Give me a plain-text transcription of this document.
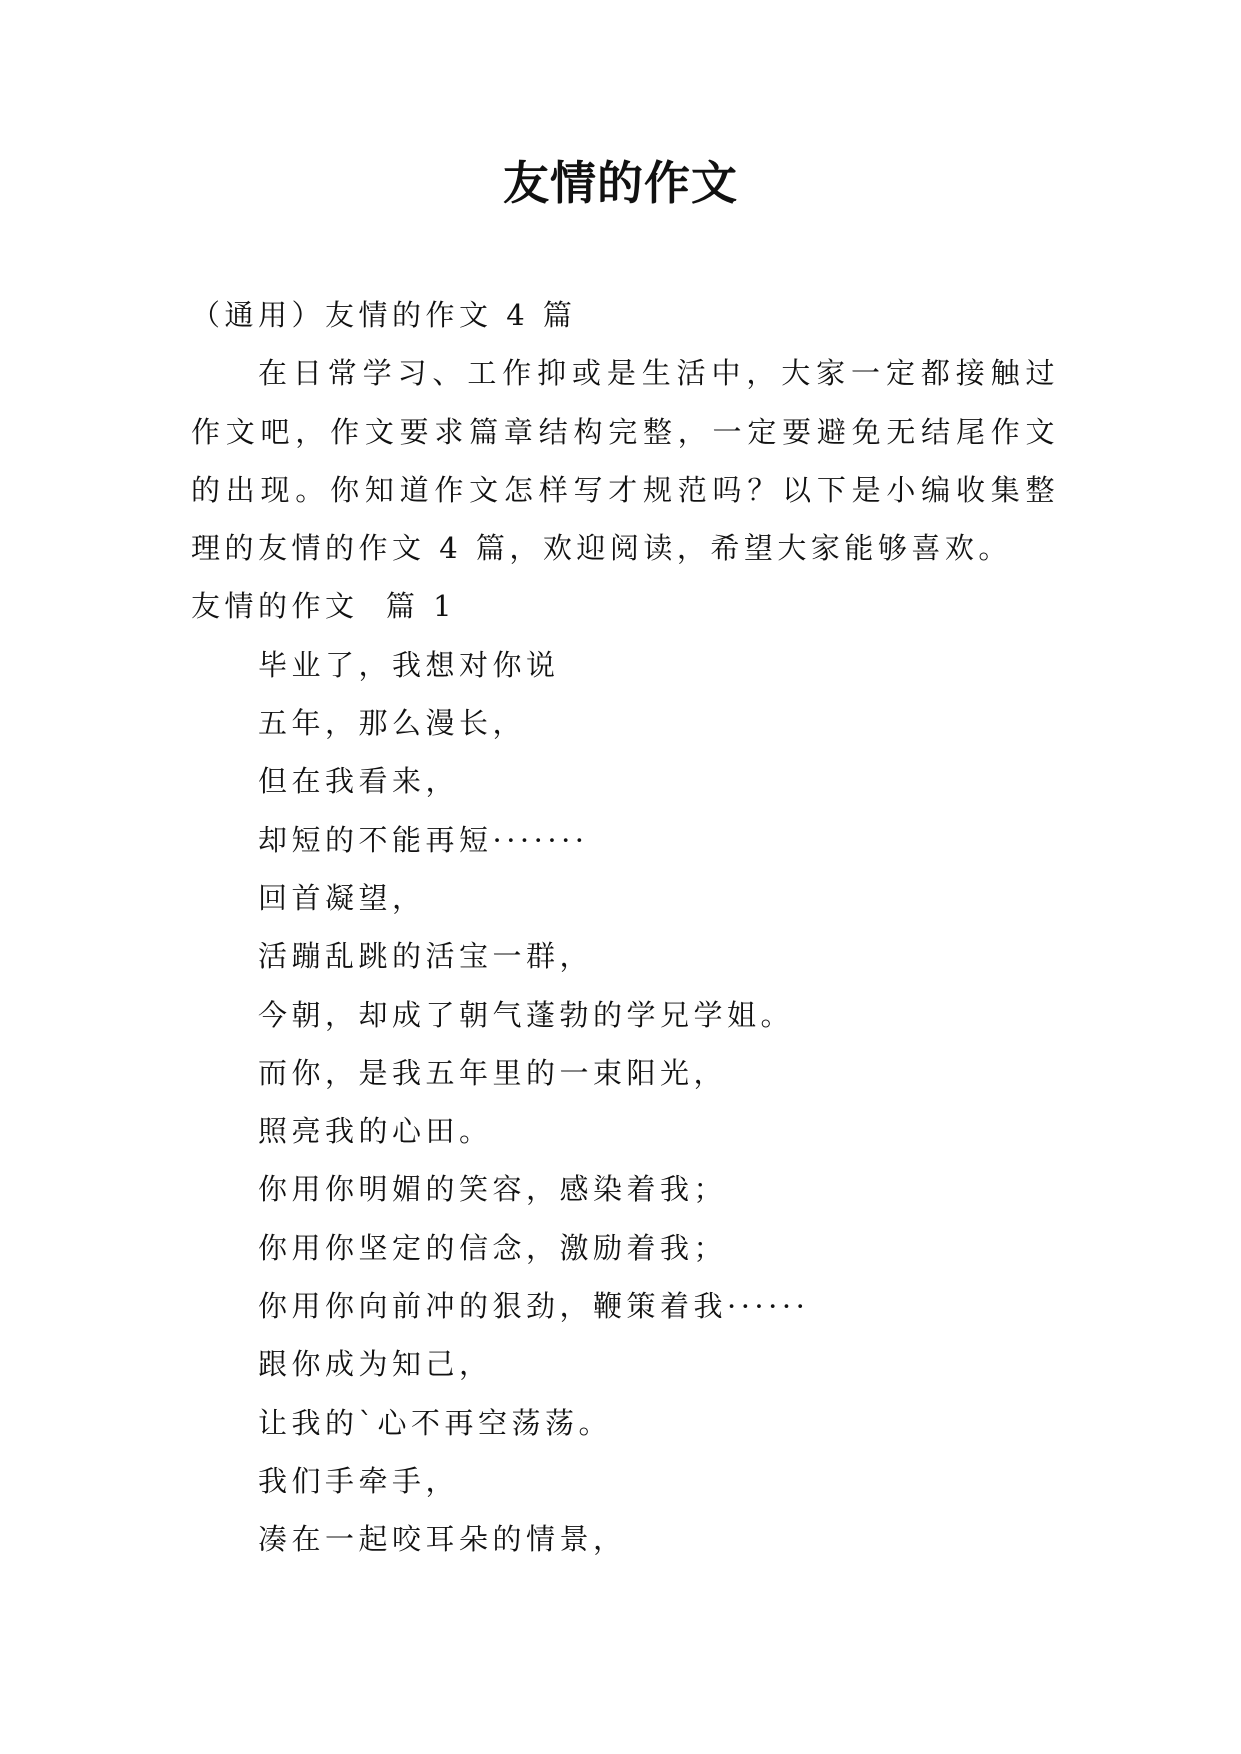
友情的作文

（通用）友情的作文 4 篇

在日常学习、工作抑或是生活中，大家一定都接触过作文吧，作文要求篇章结构完整，一定要避免无结尾作文的出现。你知道作文怎样写才规范吗？以下是小编收集整理的友情的作文 4 篇，欢迎阅读，希望大家能够喜欢。

友情的作文  篇 1

毕业了，我想对你说

五年，那么漫长，

但在我看来，

却短的不能再短·······

回首凝望，

活蹦乱跳的活宝一群，

今朝，却成了朝气蓬勃的学兄学姐。

而你，是我五年里的一束阳光，

照亮我的心田。

你用你明媚的笑容，感染着我；

你用你坚定的信念，激励着我；

你用你向前冲的狠劲，鞭策着我······

跟你成为知己，

让我的`心不再空荡荡。

我们手牵手，

凑在一起咬耳朵的情景，
